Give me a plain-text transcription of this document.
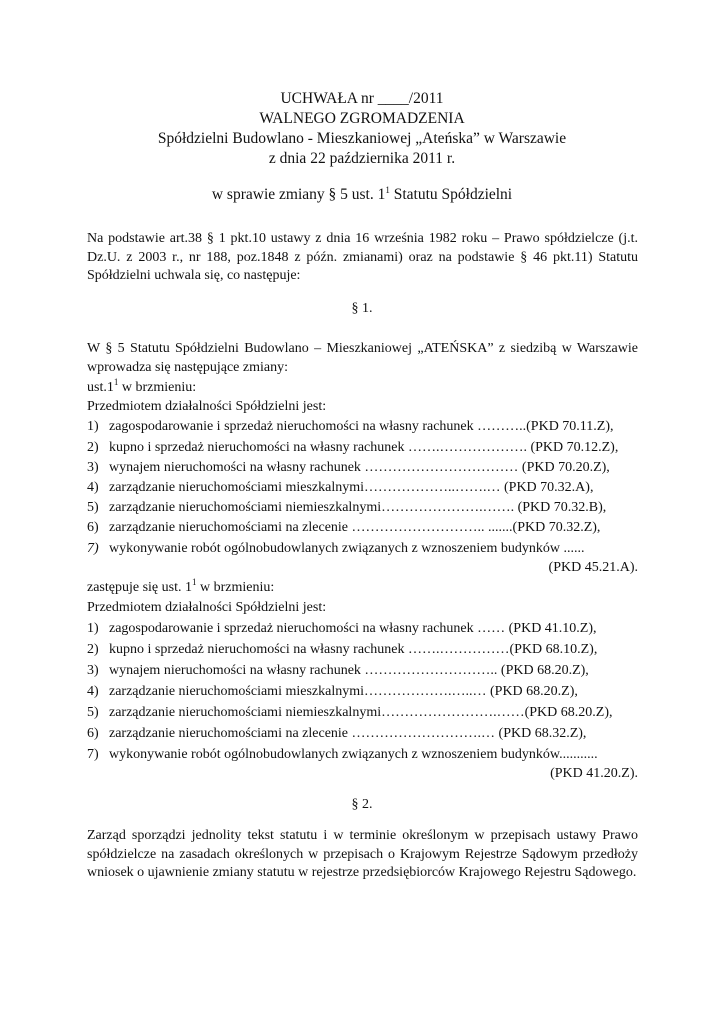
UCHWAŁA nr ____/2011
WALNEGO ZGROMADZENIA
Spółdzielni Budowlano - Mieszkaniowej „Ateńska” w Warszawie
z dnia 22 października 2011 r.
w sprawie zmiany § 5 ust. $1^1$ Statutu Spółdzielni
Na podstawie art.38 § 1 pkt.10 ustawy z dnia 16 września 1982 roku – Prawo spółdzielcze (j.t. Dz.U. z 2003 r., nr 188, poz.1848 z późn. zmianami) oraz na podstawie § 46 pkt.11) Statutu Spółdzielni uchwala się, co następuje:
§ 1.
W § 5 Statutu Spółdzielni Budowlano – Mieszkaniowej „ATEŃSKA” z siedzibą w Warszawie wprowadza się następujące zmiany:
$ust.1^1$ w brzmieniu:
Przedmiotem działalności Spółdzielni jest:
1) zagospodarowanie i sprzedaż nieruchomości na własny rachunek ………..(PKD 70.11.Z),
2) kupno i sprzedaż nieruchomości na własny rachunek …….………………. (PKD 70.12.Z),
3) wynajem nieruchomości na własny rachunek …………………………… (PKD 70.20.Z),
4) zarządzanie nieruchomościami mieszkalnymi………………..…….… (PKD 70.32.A),
5) zarządzanie nieruchomościami niemieszkalnymi………………….……. (PKD 70.32.B),
6) zarządzanie nieruchomościami na zleceniе ……………………….. .......(PKD 70.32.Z),
7) wykonywanie robót ogólnobudowlanych związanych z wznoszeniem budynków ......
(PKD 45.21.A).
zastępuje się ust. $1^1$ w brzmieniu:
Przedmiotem działalności Spółdzielni jest:
1) zagospodarowanie i sprzedaż nieruchomości na własny rachunek …… (PKD 41.10.Z),
2) kupno i sprzedaż nieruchomości na własny rachunek …….……………(PKD 68.10.Z),
3) wynajem nieruchomości na własny rachunek ……………………….. (PKD 68.20.Z),
4) zarządzanie nieruchomościami mieszkalnymi……………….…..… (PKD 68.20.Z),
5) zarządzanie nieruchomościami niemieszkalnymi…………………….……(PKD 68.20.Z),
6) zarządzanie nieruchomościami na zlecenie ……………………….… (PKD 68.32.Z),
7) wykonywanie robót ogólnobudowlanych związanych z wznoszeniem budynków...........
(PKD 41.20.Z).
§ 2.
Zarząd sporządzi jednolity tekst statutu i w terminie określonym w przepisach ustawy Prawo spółdzielcze na zasadach określonych w przepisach o Krajowym Rejestrze Sądowym przedłoży wniosek o ujawnienie zmiany statutu w rejestrze przedsiębiorców Krajowego Rejestru Sądowego.
